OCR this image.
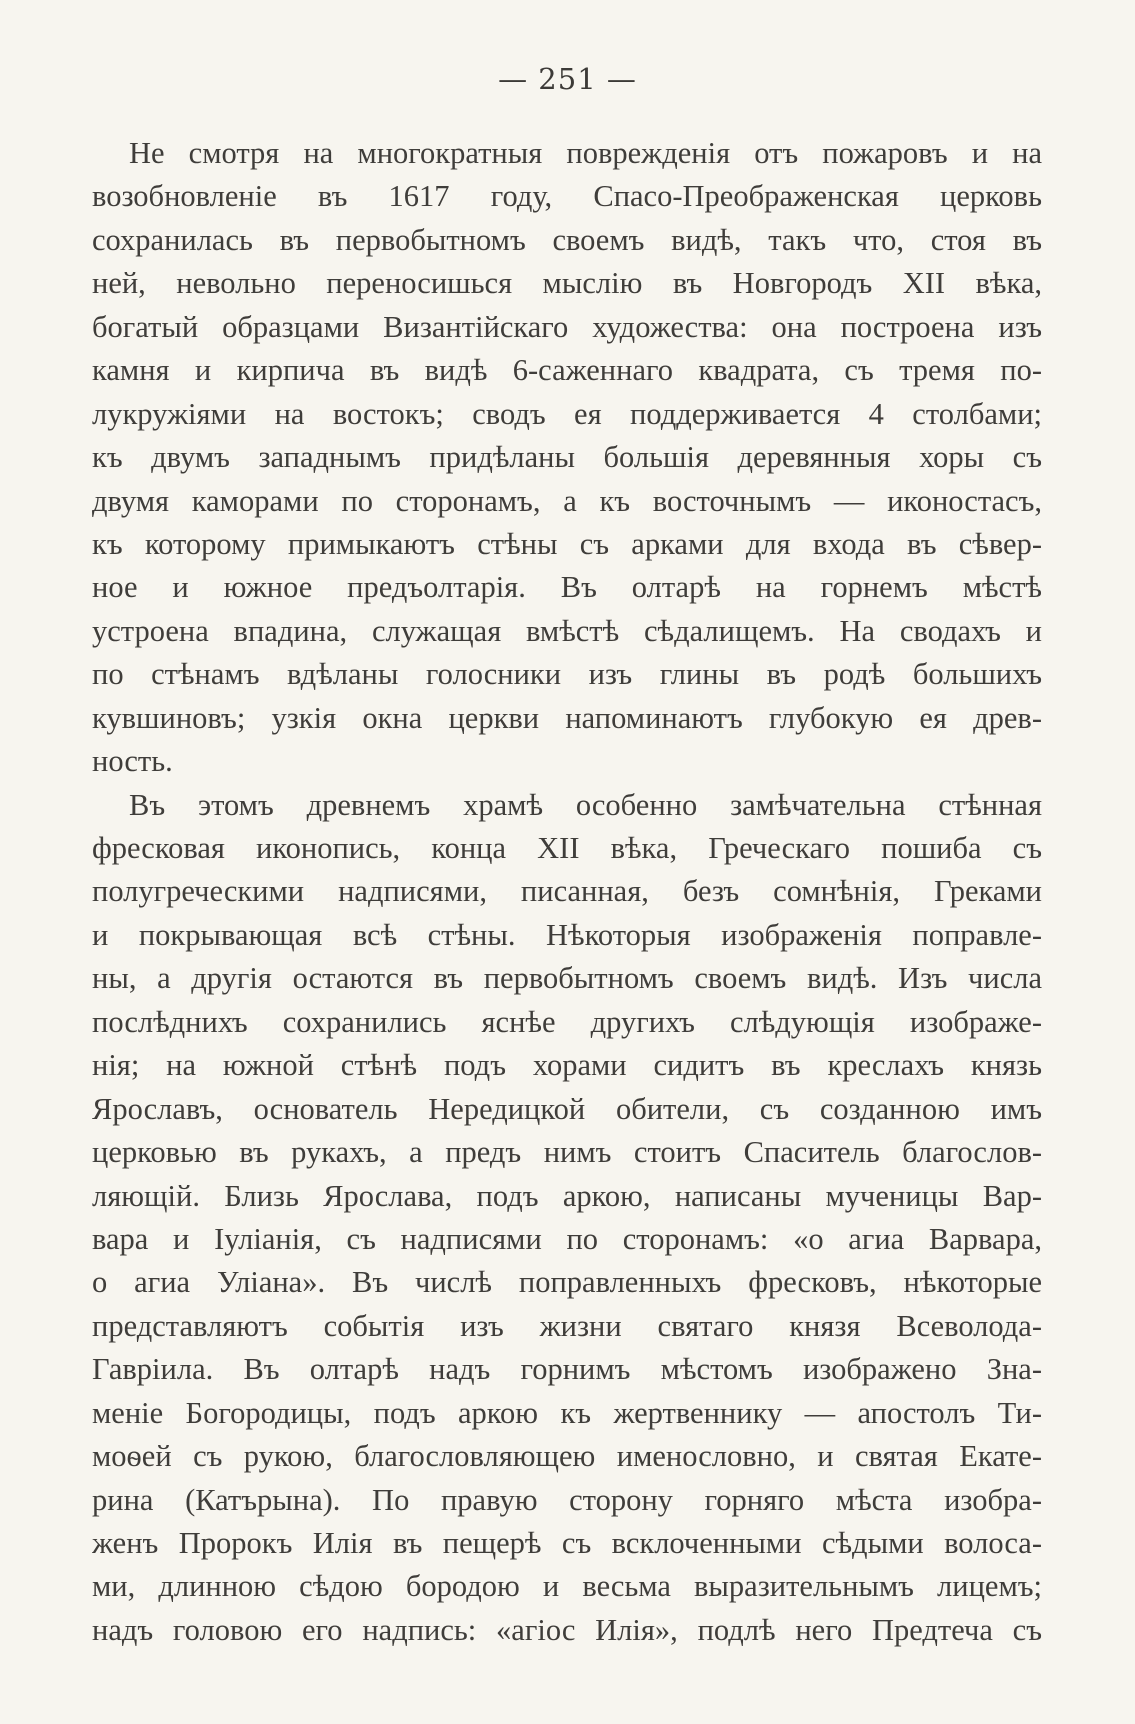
— 251 —
Не смотря на многократныя поврежденія отъ пожаровъ и на
возобновленіе въ 1617 году, Спасо-Преображенская церковь
сохранилась въ первобытномъ своемъ видѣ, такъ что, стоя въ
ней, невольно переносишься мыслію въ Новгородъ XII вѣка,
богатый образцами Византійскаго художества: она построена изъ
камня и кирпича въ видѣ 6-саженнаго квадрата, съ тремя по-
лукружіями на востокъ; сводъ ея поддерживается 4 столбами;
къ двумъ западнымъ придѣланы большія деревянныя хоры съ
двумя каморами по сторонамъ, а къ восточнымъ — иконостасъ,
къ которому примыкаютъ стѣны съ арками для входа въ сѣвер-
ное и южное предъолтарія. Въ олтарѣ на горнемъ мѣстѣ
устроена впадина, служащая вмѣстѣ сѣдалищемъ. На сводахъ и
по стѣнамъ вдѣланы голосники изъ глины въ родѣ большихъ
кувшиновъ; узкія окна церкви напоминаютъ глубокую ея древ-
ность.
Въ этомъ древнемъ храмѣ особенно замѣчательна стѣнная
фресковая иконопись, конца XII вѣка, Греческаго пошиба съ
полугреческими надписями, писанная, безъ сомнѣнія, Греками
и покрывающая всѣ стѣны. Нѣкоторыя изображенія поправле-
ны, а другія остаются въ первобытномъ своемъ видѣ. Изъ числа
послѣднихъ сохранились яснѣе другихъ слѣдующія изображе-
нія; на южной стѣнѣ подъ хорами сидитъ въ креслахъ князь
Ярославъ, основатель Нередицкой обители, съ созданною имъ
церковью въ рукахъ, а предъ нимъ стоитъ Спаситель благослов-
ляющій. Близь Ярослава, подъ аркою, написаны мученицы Вар-
вара и Іуліанія, съ надписями по сторонамъ: «о агиа Варвара,
о агиа Уліана». Въ числѣ поправленныхъ фресковъ, нѣкоторые
представляютъ событія изъ жизни святаго князя Всеволода-
Гавріила. Въ олтарѣ надъ горнимъ мѣстомъ изображено Зна-
меніе Богородицы, подъ аркою къ жертвеннику — апостолъ Ти-
моѳей съ рукою, благословляющею именословно, и святая Екате-
рина (Катърына). По правую сторону горняго мѣста изобра-
женъ Пророкъ Илія въ пещерѣ съ всклоченными сѣдыми волоса-
ми, длинною сѣдою бородою и весьма выразительнымъ лицемъ;
надъ головою его надпись: «агіос Илія», подлѣ него Предтеча съ
